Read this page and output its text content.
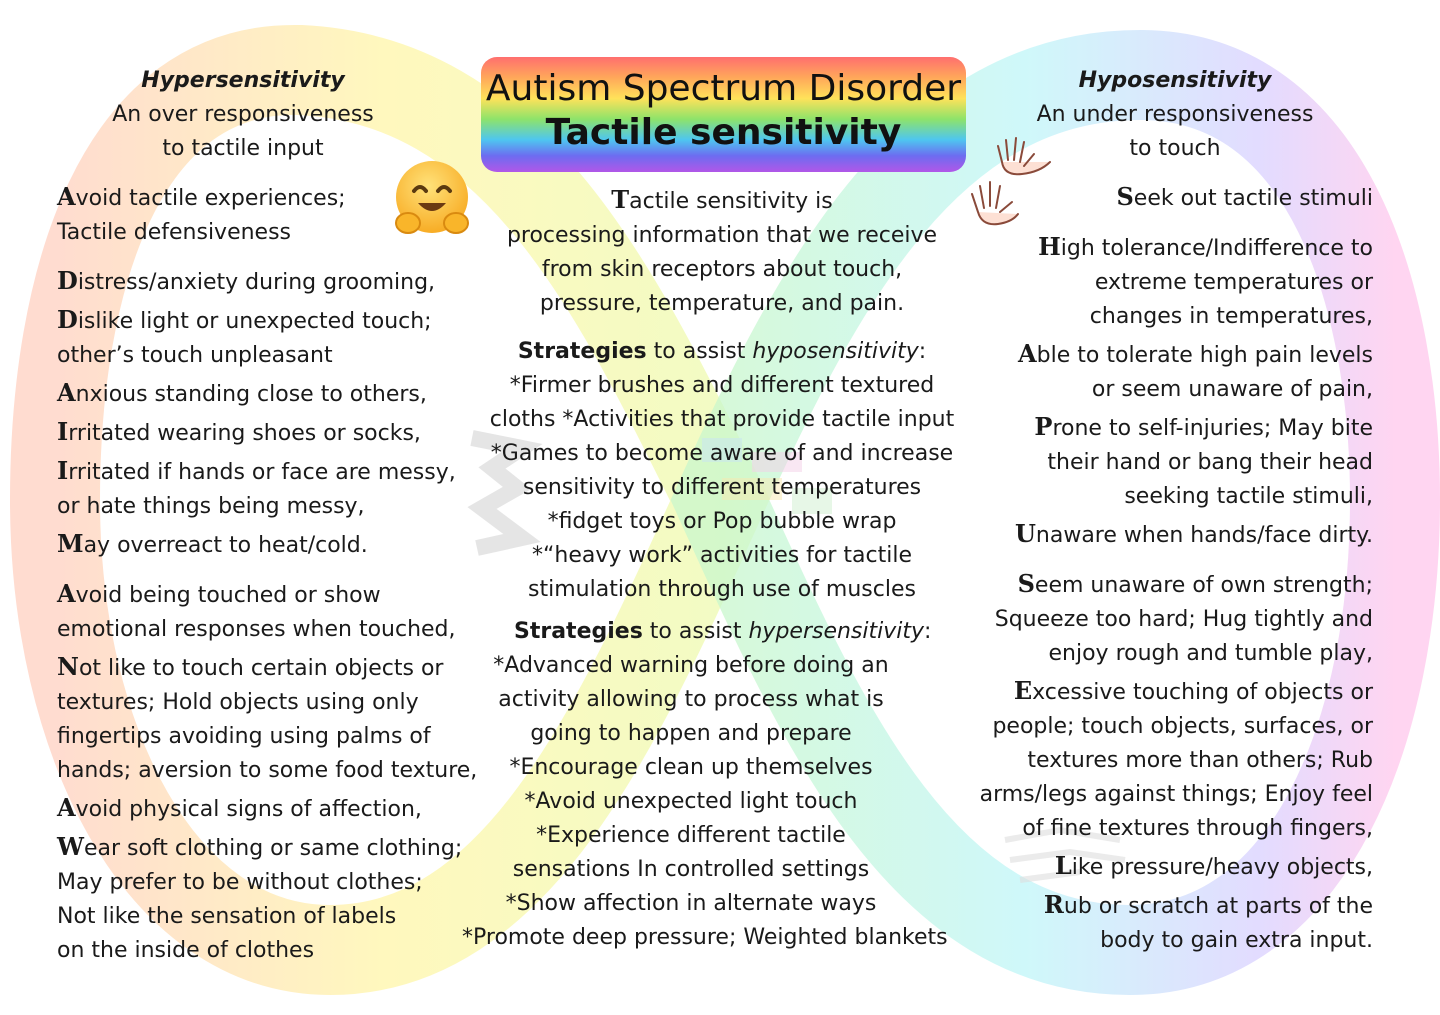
Autism Spectrum Disorder
Tactile sensitivity

Hypersensitivity

An over responsiveness

to tactile input

Avoid tactile experiences;

Tactile defensiveness

Distress/anxiety during grooming,

Dislike light or unexpected touch;

other’s touch unpleasant

Anxious standing close to others,

Irritated wearing shoes or socks,

Irritated if hands or face are messy,

or hate things being messy,

May overreact to heat/cold.

Avoid being touched or show

emotional responses when touched,

Not like to touch certain objects or

textures; Hold objects using only

fingertips avoiding using palms of

hands; aversion to some food texture,

Avoid physical signs of affection,

Wear soft clothing or same clothing;

May prefer to be without clothes;

Not like the sensation of labels

on the inside of clothes

Tactile sensitivity is

processing information that we receive

from skin receptors about touch,

pressure, temperature, and pain.

Strategies to assist hyposensitivity:

*Firmer brushes and different textured

cloths *Activities that provide tactile input

*Games to become aware of and increase

sensitivity to different temperatures

*fidget toys or Pop bubble wrap

*“heavy work” activities for tactile

stimulation through use of muscles

Strategies to assist hypersensitivity:

*Advanced warning before doing an

activity allowing to process what is

going to happen and prepare

*Encourage clean up themselves

*Avoid unexpected light touch

*Experience different tactile

sensations In controlled settings

*Show affection in alternate ways

*Promote deep pressure; Weighted blankets

Hyposensitivity

An under responsiveness

to touch

Seek out tactile stimuli

High tolerance/Indifference to

extreme temperatures or

changes in temperatures,

Able to tolerate high pain levels

or seem unaware of pain,

Prone to self-injuries; May bite

their hand or bang their head

seeking tactile stimuli,

Unaware when hands/face dirty.

Seem unaware of own strength;

Squeeze too hard; Hug tightly and

enjoy rough and tumble play,

Excessive touching of objects or

people; touch objects, surfaces, or

textures more than others; Rub

arms/legs against things; Enjoy feel

of fine textures through fingers,

Like pressure/heavy objects,

Rub or scratch at parts of the

body to gain extra input.
